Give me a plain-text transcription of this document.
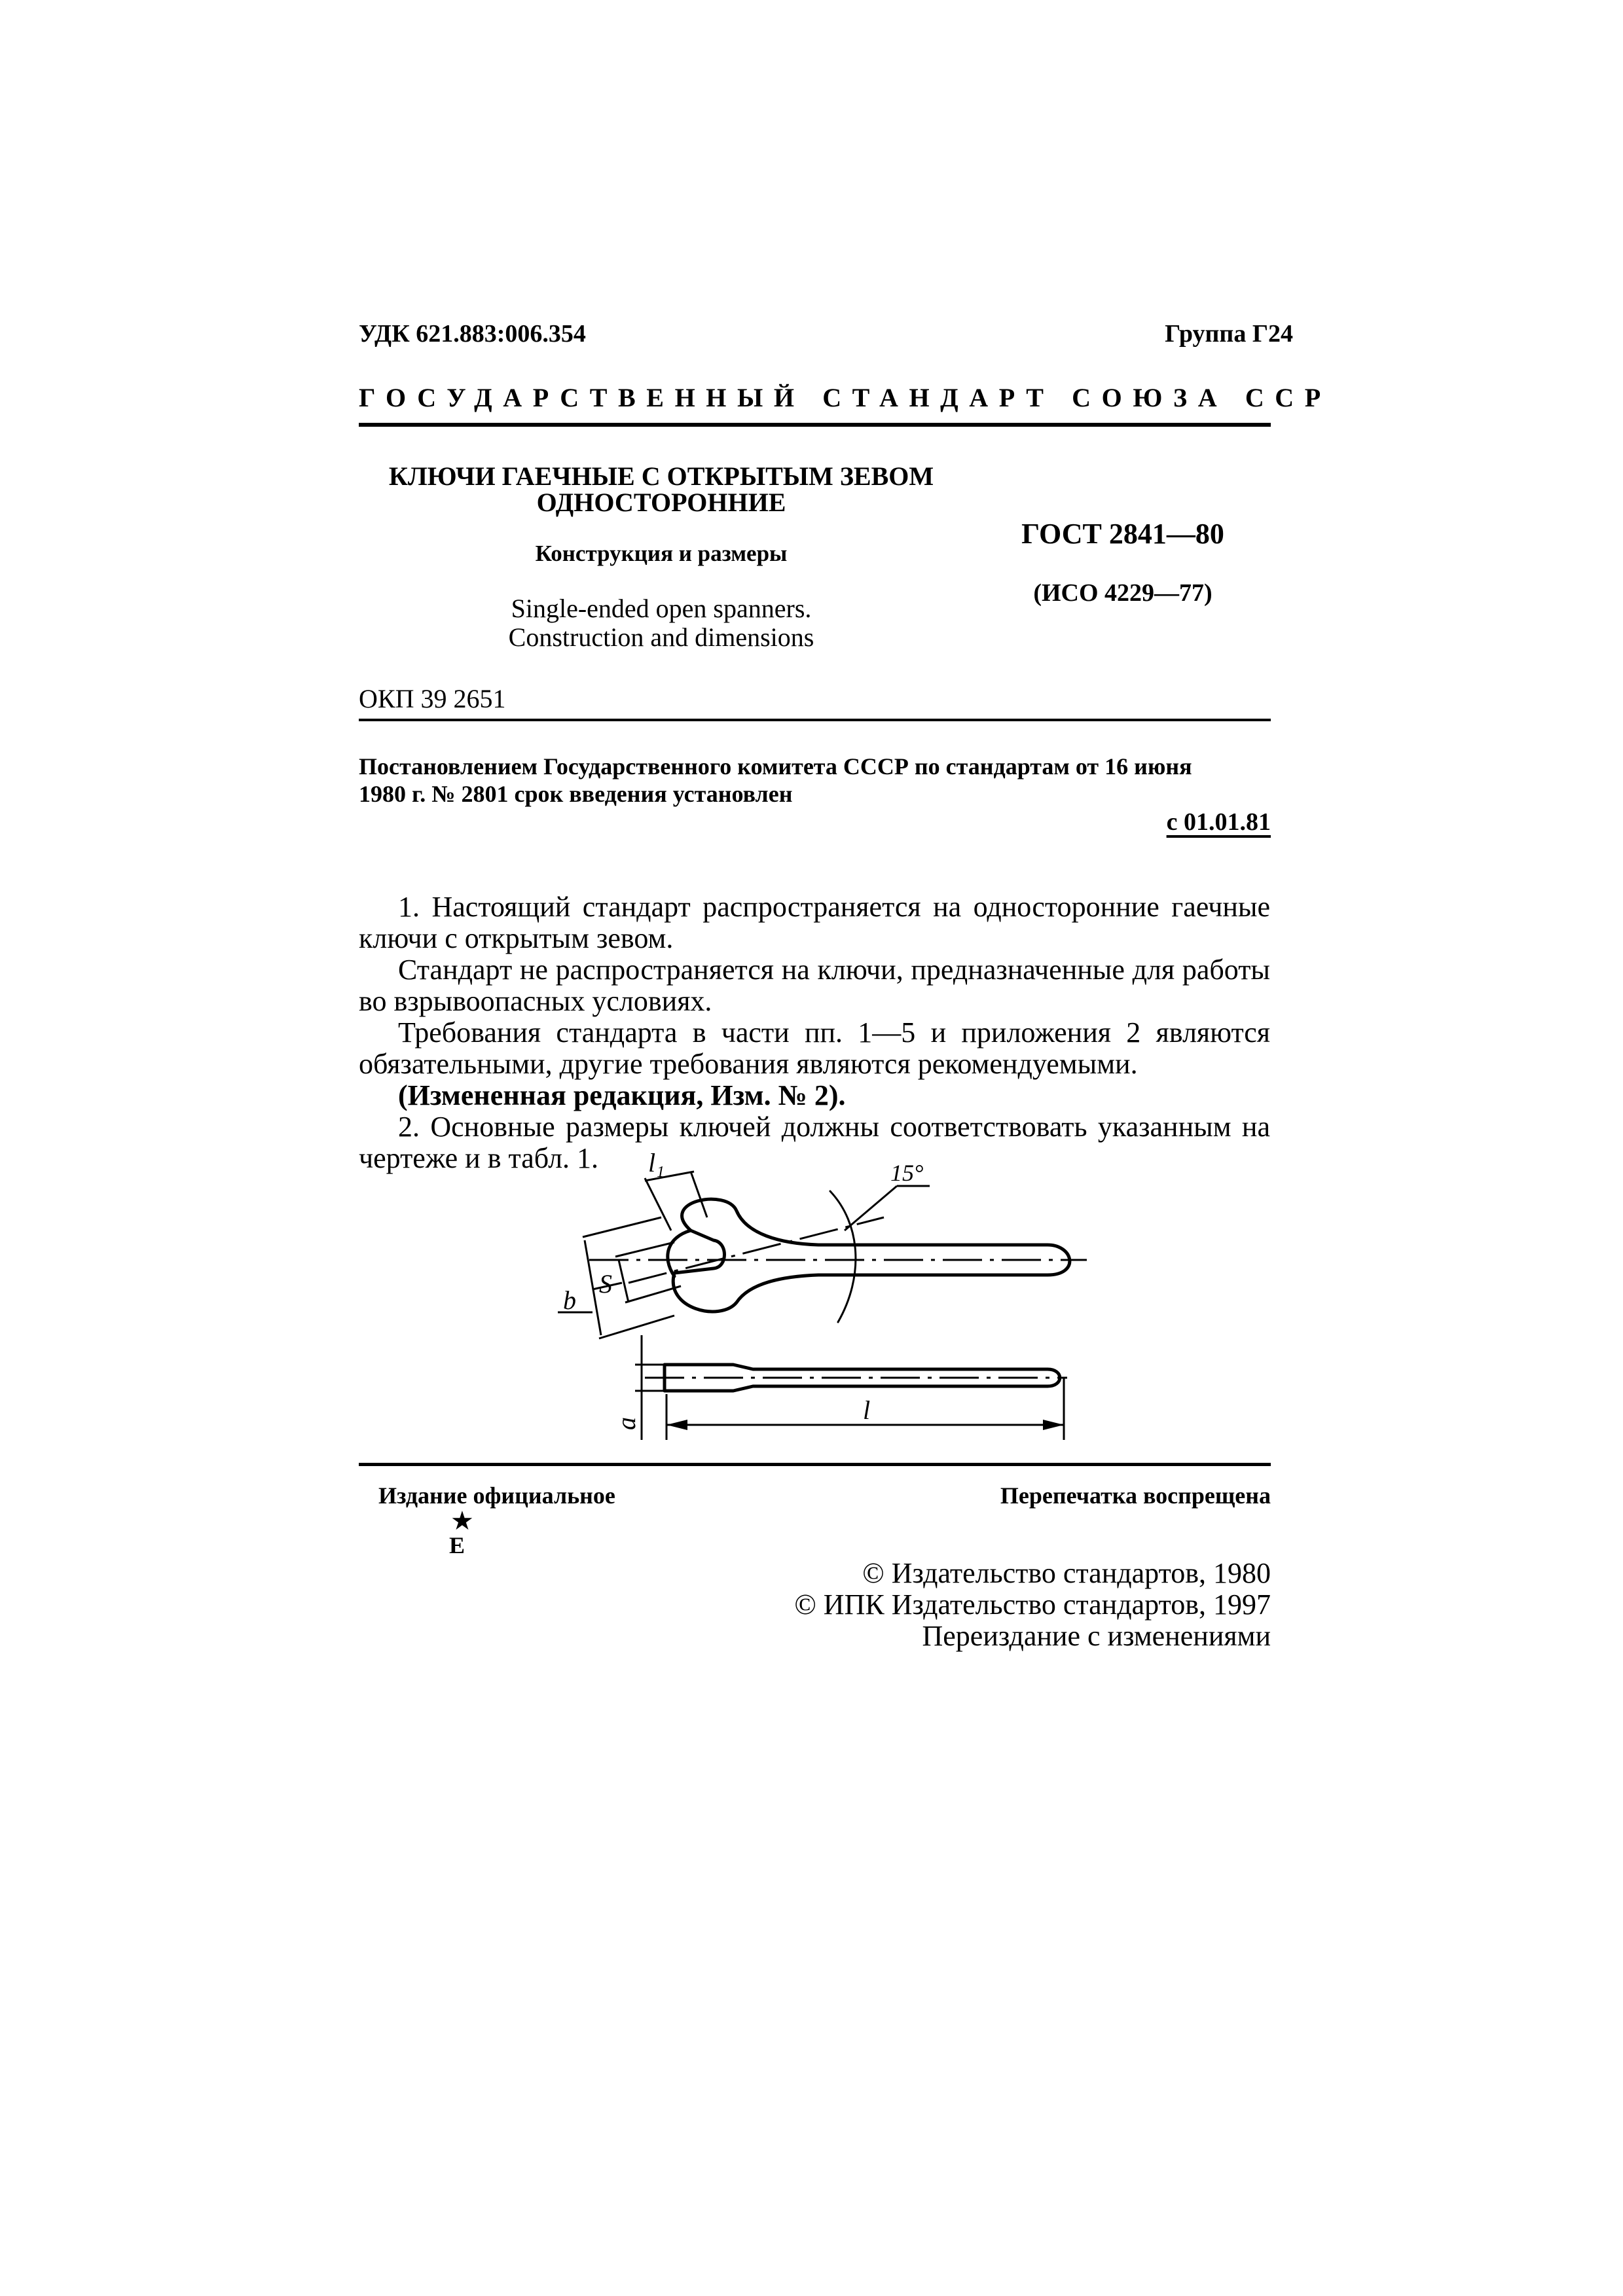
УДК 621.883:006.354	Группа Г24
ГОСУДАРСТВЕННЫЙ СТАНДАРТ СОЮЗА ССР
КЛЮЧИ ГАЕЧНЫЕ С ОТКРЫТЫМ ЗЕВОМ
ОДНОСТОРОННИЕ
Конструкция и размеры
Single-ended open spanners.
Construction and dimensions
ГОСТ 2841—80
(ИСО 4229—77)
ОКП 39 2651
Постановлением Государственного комитета СССР по стандартам от 16 июня
1980 г. № 2801 срок введения установлен
с 01.01.81
1. Настоящий стандарт распространяется на односторонние гаечные ключи с открытым зевом.
Стандарт не распространяется на ключи, предназначенные для работы во взрывоопасных условиях.
Требования стандарта в части пп. 1—5 и приложения 2 являются обязательными, другие требования являются рекомендуемыми.
(Измененная редакция, Изм. № 2).
2. Основные размеры ключей должны соответствовать указанным на чертеже и в табл. 1.	l₁	15°
S
b
a	l
Издание официальное
★
E
Перепечатка воспрещена
© Издательство стандартов, 1980
© ИПК Издательство стандартов, 1997
Переиздание с изменениями
